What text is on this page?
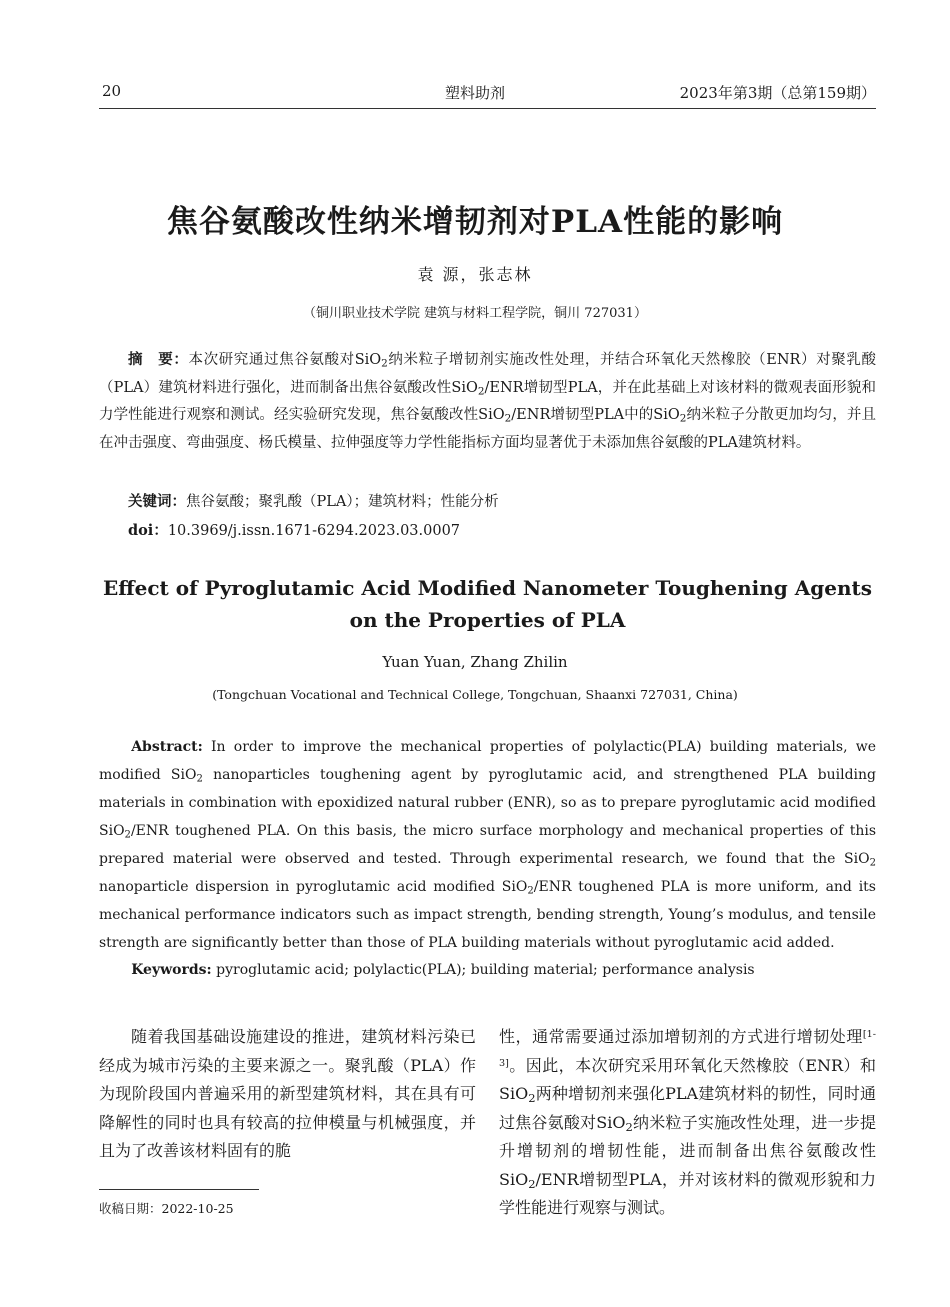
20	塑料助剂	2023年第3期（总第159期）
焦谷氨酸改性纳米增韧剂对PLA性能的影响
袁 源，张志林
（铜川职业技术学院 建筑与材料工程学院，铜川 727031）

摘　要：本次研究通过焦谷氨酸对SiO$_2$纳米粒子增韧剂实施改性处理，并结合环氧化天然橡胶（ENR）对聚乳酸（PLA）建筑材料进行强化，进而制备出焦谷氨酸改性SiO$_2$/ENR增韧型PLA，并在此基础上对该材料的微观表面形貌和力学性能进行观察和测试。经实验研究发现，焦谷氨酸改性SiO$_2$/ENR增韧型PLA中的SiO$_2$纳米粒子分散更加均匀，并且在冲击强度、弯曲强度、杨氏模量、拉伸强度等力学性能指标方面均显著优于未添加焦谷氨酸的PLA建筑材料。

关键词：焦谷氨酸；聚乳酸（PLA）；建筑材料；性能分析

doi：10.3969/j.issn.1671-6294.2023.03.0007

Effect of Pyroglutamic Acid Modified Nanometer Toughening Agents on the Properties of PLA
Yuan Yuan, Zhang Zhilin
(Tongchuan Vocational and Technical College, Tongchuan, Shaanxi 727031, China)

Abstract: In order to improve the mechanical properties of polylactic(PLA) building materials, we modified SiO$_2$ nanoparticles toughening agent by pyroglutamic acid, and strengthened PLA building materials in combination with epoxidized natural rubber (ENR), so as to prepare pyroglutamic acid modified SiO$_2$/ENR toughened PLA. On this basis, the micro surface morphology and mechanical properties of this prepared material were observed and tested. Through experimental research, we found that the SiO$_2$ nanoparticle dispersion in pyroglutamic acid modified SiO$_2$/ENR toughened PLA is more uniform, and its mechanical performance indicators such as impact strength, bending strength, Young’s modulus, and tensile strength are significantly better than those of PLA building materials without pyroglutamic acid added.

Keywords: pyroglutamic acid; polylactic(PLA); building material; performance analysis

随着我国基础设施建设的推进，建筑材料污染已经成为城市污染的主要来源之一。聚乳酸（PLA）作为现阶段国内普遍采用的新型建筑材料，其在具有可降解性的同时也具有较高的拉伸模量与机械强度，并且为了改善该材料固有的脆

性，通常需要通过添加增韧剂的方式进行增韧处理[1-3]。因此，本次研究采用环氧化天然橡胶（ENR）和SiO$_2$两种增韧剂来强化PLA建筑材料的韧性，同时通过焦谷氨酸对SiO$_2$纳米粒子实施改性处理，进一步提升增韧剂的增韧性能，进而制备出焦谷氨酸改性SiO$_2$/ENR增韧型PLA，并对该材料的微观形貌和力学性能进行观察与测试。

收稿日期：2022-10-25
